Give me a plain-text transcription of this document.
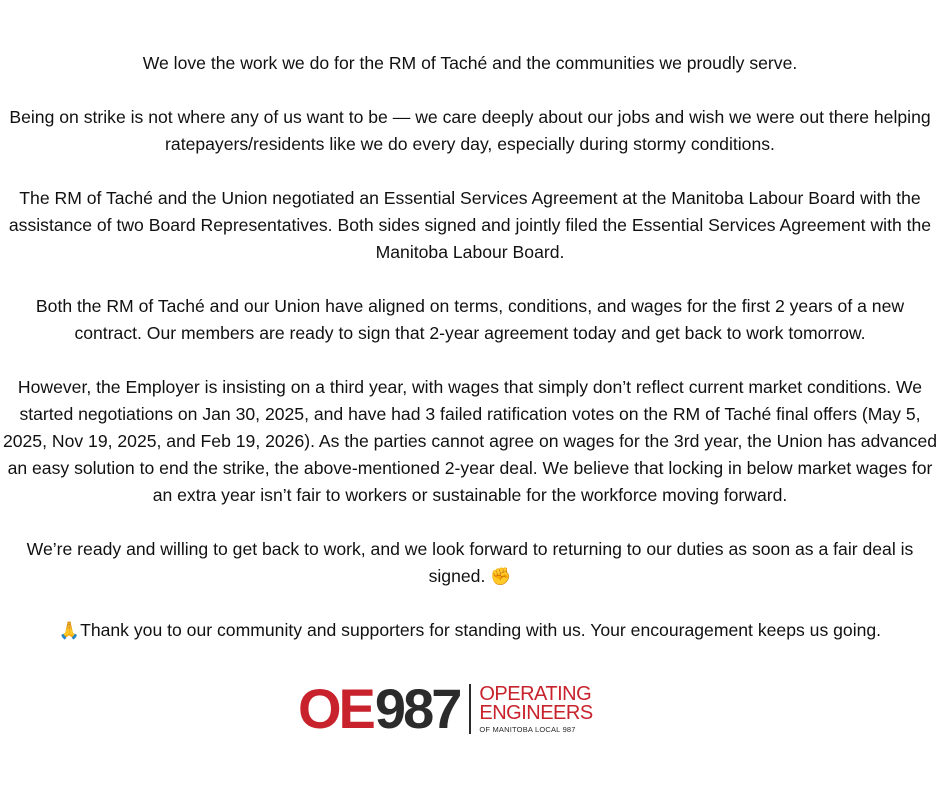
We love the work we do for the RM of Taché and the communities we proudly serve.

Being on strike is not where any of us want to be — we care deeply about our jobs and wish we were out there helping ratepayers/residents like we do every day, especially during stormy conditions.

The RM of Taché and the Union negotiated an Essential Services Agreement at the Manitoba Labour Board with the assistance of two Board Representatives. Both sides signed and jointly filed the Essential Services Agreement with the Manitoba Labour Board.

Both the RM of Taché and our Union have aligned on terms, conditions, and wages for the first 2 years of a new contract. Our members are ready to sign that 2-year agreement today and get back to work tomorrow.

However, the Employer is insisting on a third year, with wages that simply don’t reflect current market conditions. We started negotiations on Jan 30, 2025, and have had 3 failed ratification votes on the RM of Taché final offers (May 5, 2025, Nov 19, 2025, and Feb 19, 2026). As the parties cannot agree on wages for the 3rd year, the Union has advanced an easy solution to end the strike, the above-mentioned 2-year deal. We believe that locking in below market wages for an extra year isn’t fair to workers or sustainable for the workforce moving forward.

We’re ready and willing to get back to work, and we look forward to returning to our duties as soon as a fair deal is signed. ✊

🙏Thank you to our community and supporters for standing with us. Your encouragement keeps us going.

OE 987 OPERATING
ENGINEERS
OF MANITOBA LOCAL 987
